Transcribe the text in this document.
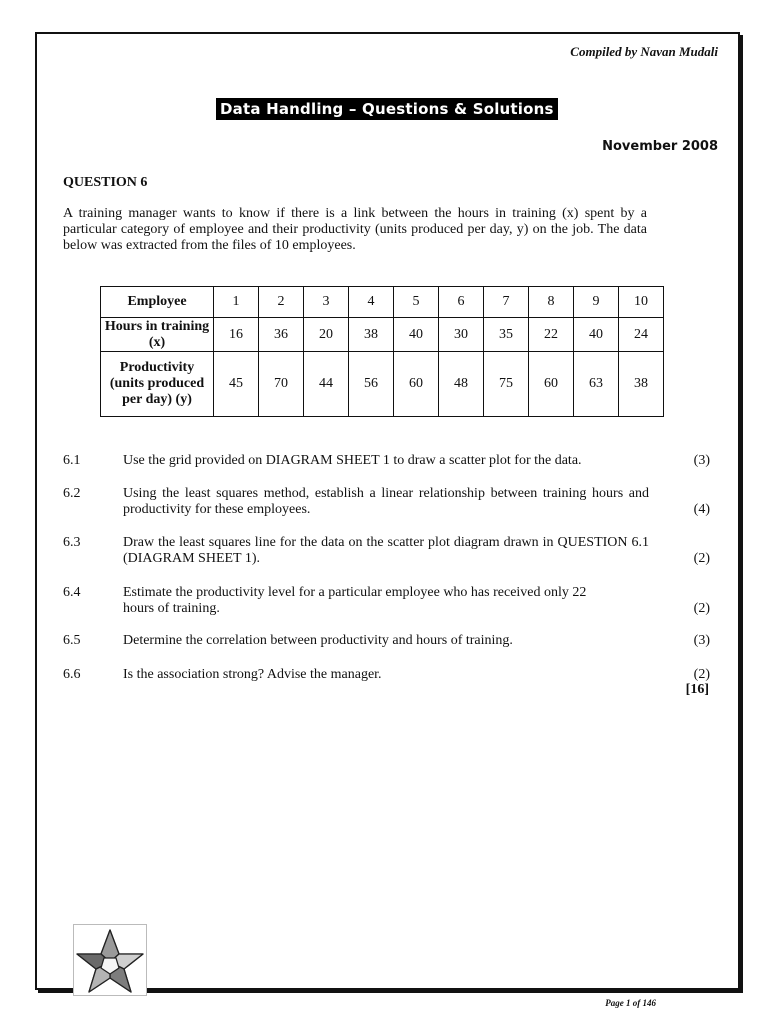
Compiled by Navan Mudali
Data Handling – Questions & Solutions
November 2008
QUESTION 6
A training manager wants to know if there is a link between the hours in training (x) spent by a particular category of employee and their productivity (units produced per day, y) on the job. The data below was extracted from the files of 10 employees.
Employee	1	2	3	4	5	6	7	8	9	10
Hours in training (x)	16	36	20	38	40	30	35	22	40	24
Productivity (units produced per day) (y)	45	70	44	56	60	48	75	60	63	38
6.1	Use the grid provided on DIAGRAM SHEET 1 to draw a scatter plot for the data.	(3)
6.2	Using the least squares method, establish a linear relationship between training hours and productivity for these employees.	(4)
6.3	Draw the least squares line for the data on the scatter plot diagram drawn in QUESTION 6.1 (DIAGRAM SHEET 1).	(2)
6.4	Estimate the productivity level for a particular employee who has received only 22 hours of training.	(2)
6.5	Determine the correlation between productivity and hours of training.	(3)
6.6	Is the association strong? Advise the manager.	(2)
[16]
Page 1 of 146
